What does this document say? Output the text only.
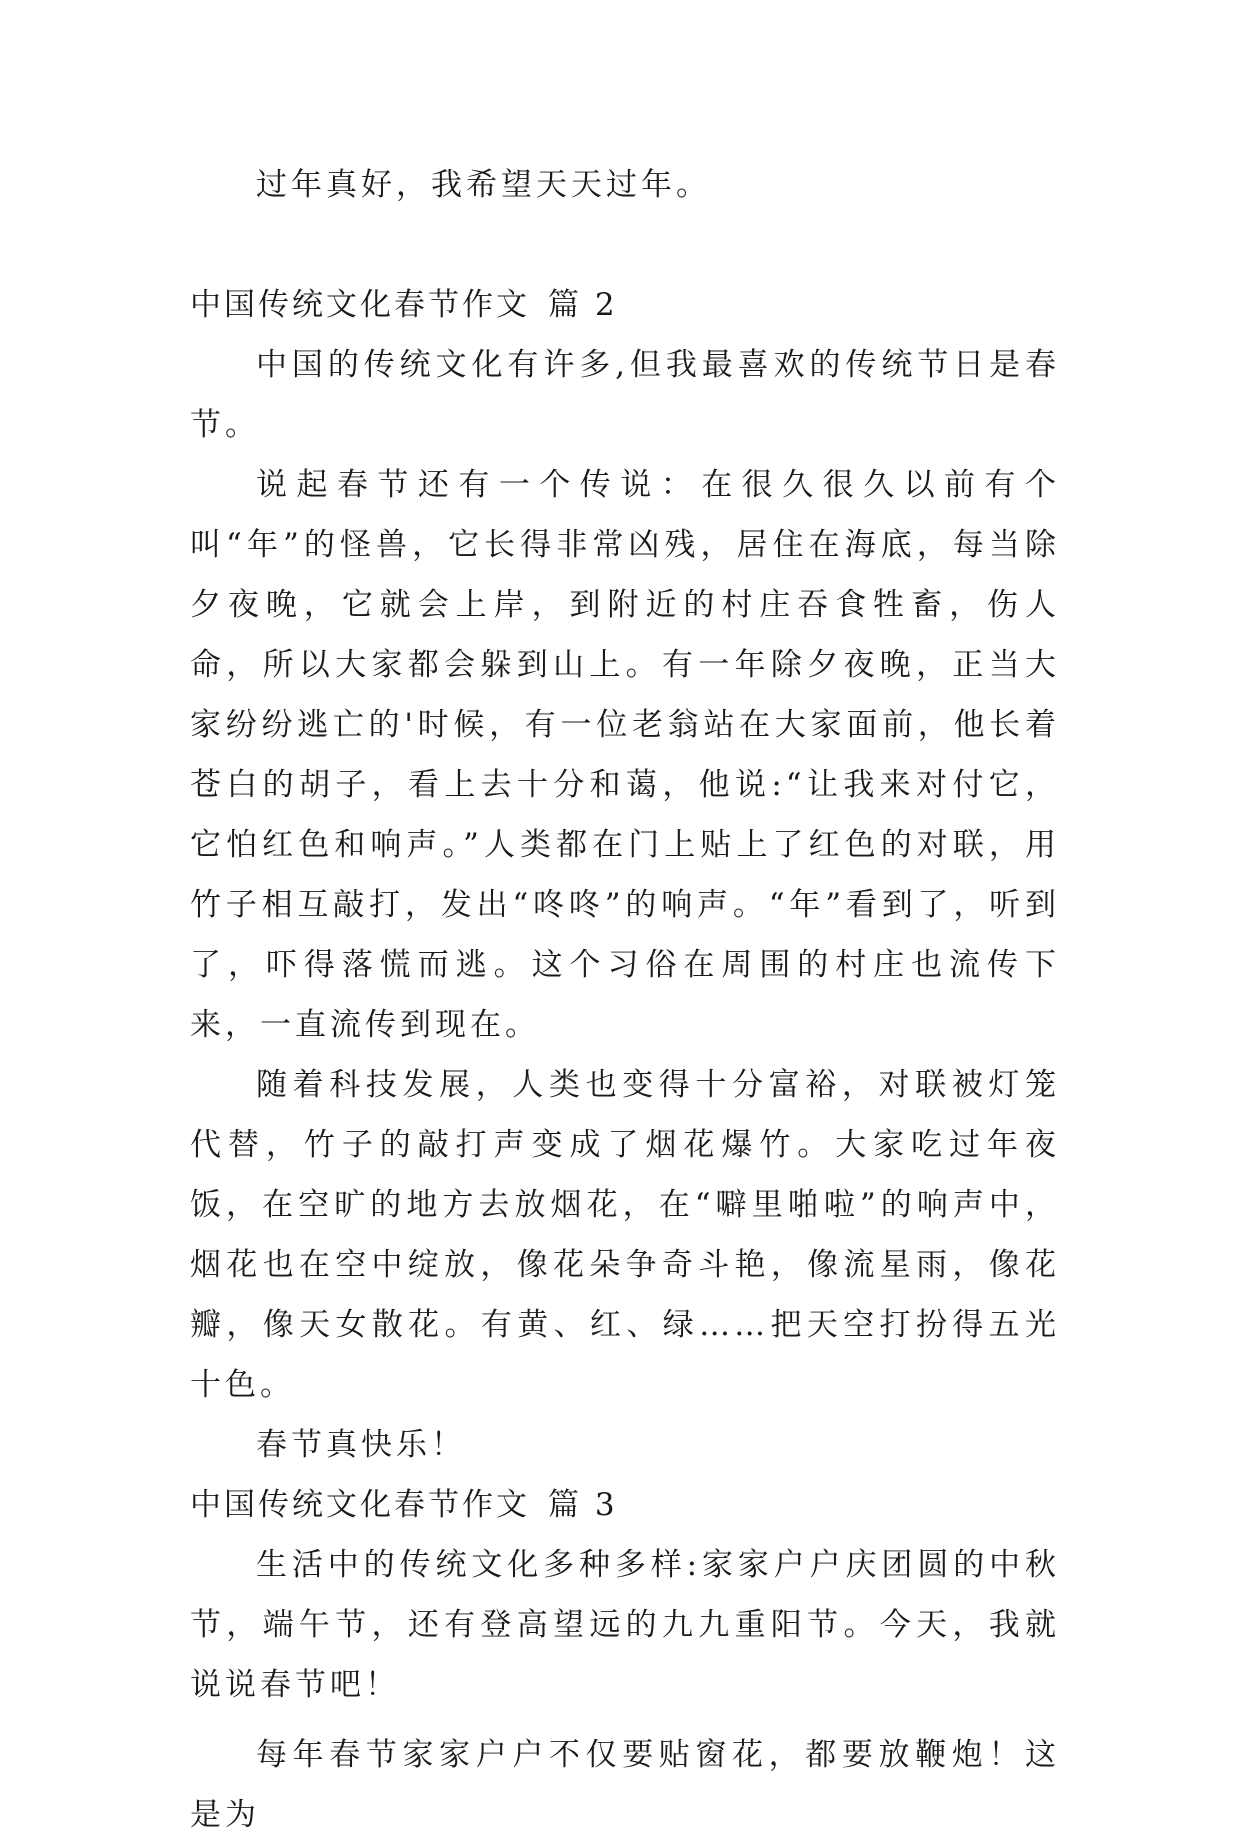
过年真好，我希望天天过年。

中国传统文化春节作文 篇 2

中国的传统文化有许多,但我最喜欢的传统节日是春节。

说起春节还有一个传说：在很久很久以前有个叫“年”的怪兽，它长得非常凶残，居住在海底，每当除夕夜晚，它就会上岸，到附近的村庄吞食牲畜，伤人命，所以大家都会躲到山上。有一年除夕夜晚，正当大家纷纷逃亡的'时候，有一位老翁站在大家面前，他长着苍白的胡子，看上去十分和蔼，他说:“让我来对付它，它怕红色和响声。”人类都在门上贴上了红色的对联，用竹子相互敲打，发出“咚咚”的响声。“年”看到了，听到了，吓得落慌而逃。这个习俗在周围的村庄也流传下来，一直流传到现在。

随着科技发展，人类也变得十分富裕，对联被灯笼代替，竹子的敲打声变成了烟花爆竹。大家吃过年夜饭，在空旷的地方去放烟花，在“噼里啪啦”的响声中，烟花也在空中绽放，像花朵争奇斗艳，像流星雨，像花瓣，像天女散花。有黄、红、绿……把天空打扮得五光十色。

春节真快乐！

中国传统文化春节作文 篇 3

生活中的传统文化多种多样:家家户户庆团圆的中秋节，端午节，还有登高望远的九九重阳节。今天，我就说说春节吧！

每年春节家家户户不仅要贴窗花，都要放鞭炮！这是为
